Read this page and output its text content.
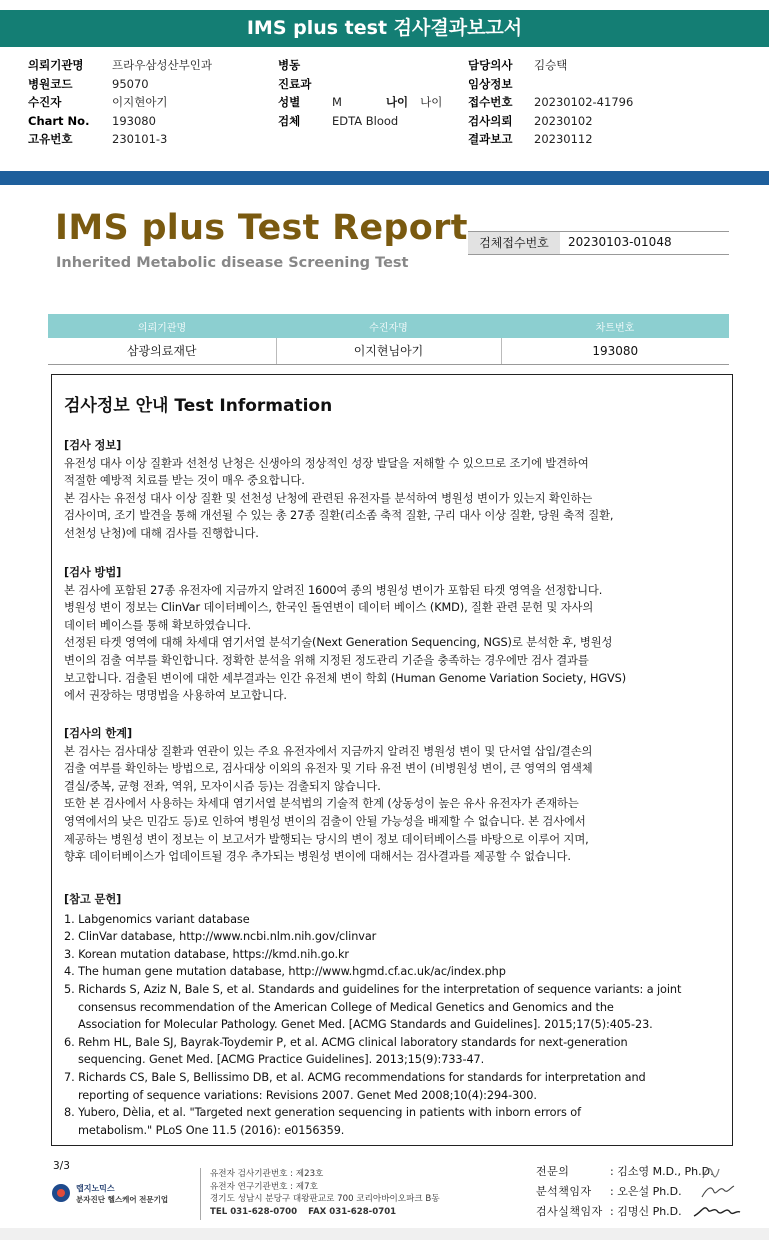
IMS plus test 검사결과보고서
의뢰기관명 프라우삼성산부인과
병원코드	95070
수진자	이지현아기
Chart No. 193080
고유번호	230101-3
병동
진료과
성별	M	나이 나이
검체	EDTA Blood
담당의사 김승택
임상정보
접수번호 20230102-41796
검사의뢰 20230102
결과보고 20230112
IMS plus Test Report
Inherited Metabolic disease Screening Test
검체접수번호	20230103-01048
의뢰기관명	수진자명	차트번호
삼광의료재단	이지현님아기	193080
검사정보 안내 Test Information

[검사 정보]

유전성 대사 이상 질환과 선천성 난청은 신생아의 정상적인 성장 발달을 저해할 수 있으므로 조기에 발견하여

적절한 예방적 치료를 받는 것이 매우 중요합니다.

본 검사는 유전성 대사 이상 질환 및 선천성 난청에 관련된 유전자를 분석하여 병원성 변이가 있는지 확인하는

검사이며, 조기 발견을 통해 개선될 수 있는 총 27종 질환(리소좀 축적 질환, 구리 대사 이상 질환, 당원 축적 질환,

선천성 난청)에 대해 검사를 진행합니다.

[검사 방법]

본 검사에 포함된 27종 유전자에 지금까지 알려진 1600여 종의 병원성 변이가 포함된 타겟 영역을 선정합니다.

병원성 변이 정보는 ClinVar 데이터베이스, 한국인 돌연변이 데이터 베이스 (KMD), 질환 관련 문헌 및 자사의

데이터 베이스를 통해 확보하였습니다.

선정된 타겟 영역에 대해 차세대 염기서열 분석기술(Next Generation Sequencing, NGS)로 분석한 후, 병원성

변이의 검출 여부를 확인합니다. 정확한 분석을 위해 지정된 정도관리 기준을 충족하는 경우에만 검사 결과를

보고합니다. 검출된 변이에 대한 세부결과는 인간 유전체 변이 학회 (Human Genome Variation Society, HGVS)

에서 권장하는 명명법을 사용하여 보고합니다.

[검사의 한계]

본 검사는 검사대상 질환과 연관이 있는 주요 유전자에서 지금까지 알려진 병원성 변이 및 단서열 삽입/결손의

검출 여부를 확인하는 방법으로, 검사대상 이외의 유전자 및 기타 유전 변이 (비병원성 변이, 큰 영역의 염색체

결실/중복, 균형 전좌, 역위, 모자이시즘 등)는 검출되지 않습니다.

또한 본 검사에서 사용하는 차세대 염기서열 분석법의 기술적 한계 (상동성이 높은 유사 유전자가 존재하는

영역에서의 낮은 민감도 등)로 인하여 병원성 변이의 검출이 안될 가능성을 배제할 수 없습니다. 본 검사에서

제공하는 병원성 변이 정보는 이 보고서가 발행되는 당시의 변이 정보 데이터베이스를 바탕으로 이루어 지며,

향후 데이터베이스가 업데이트될 경우 추가되는 병원성 변이에 대해서는 검사결과를 제공할 수 없습니다.

[참고 문헌]

1. Labgenomics variant database
2. ClinVar database, http://www.ncbi.nlm.nih.gov/clinvar
3. Korean mutation database, https://kmd.nih.go.kr
4. The human gene mutation database, http://www.hgmd.cf.ac.uk/ac/index.php
5. Richards S, Aziz N, Bale S, et al. Standards and guidelines for the interpretation of sequence variants: a joint
consensus recommendation of the American College of Medical Genetics and Genomics and the
Association for Molecular Pathology. Genet Med. [ACMG Standards and Guidelines]. 2015;17(5):405-23.
6. Rehm HL, Bale SJ, Bayrak-Toydemir P, et al. ACMG clinical laboratory standards for next-generation
sequencing. Genet Med. [ACMG Practice Guidelines]. 2013;15(9):733-47.
7. Richards CS, Bale S, Bellissimo DB, et al. ACMG recommendations for standards for interpretation and
reporting of sequence variations: Revisions 2007. Genet Med 2008;10(4):294-300.
8. Yubero, Dèlia, et al. "Targeted next generation sequencing in patients with inborn errors of
metabolism." PLoS One 11.5 (2016): e0156359.
3/3
랩지노믹스
분자진단 헬스케어 전문기업
유전자 검사기관번호 : 제23호
유전자 연구기관번호 : 제7호
경기도 성남시 분당구 대왕판교로 700 코리아바이오파크 B동
TEL 031-628-0700 FAX 031-628-0701
전문의	: 김소영 M.D., Ph.D.
분석책임자 : 오은설 Ph.D.
검사실책임자 : 김명신 Ph.D.
